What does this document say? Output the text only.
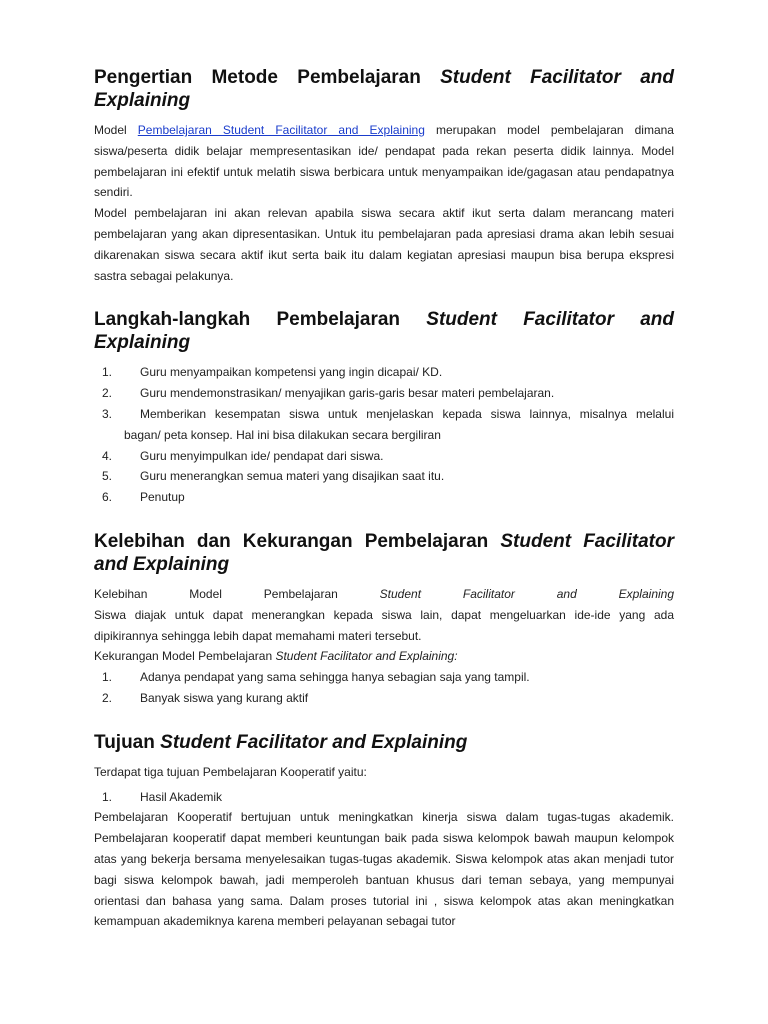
Pengertian Metode Pembelajaran Student Facilitator and Explaining

Model Pembelajaran Student Facilitator and Explaining merupakan model pembelajaran dimana siswa/peserta didik belajar mempresentasikan ide/ pendapat pada rekan peserta didik lainnya. Model pembelajaran ini efektif untuk melatih siswa berbicara untuk menyampaikan ide/gagasan atau pendapatnya sendiri.

Model pembelajaran ini akan relevan apabila siswa secara aktif ikut serta dalam merancang materi pembelajaran yang akan dipresentasikan. Untuk itu pembelajaran pada apresiasi drama akan lebih sesuai dikarenakan siswa secara aktif ikut serta baik itu dalam kegiatan apresiasi maupun bisa berupa ekspresi sastra sebagai pelakunya.

Langkah-langkah Pembelajaran Student Facilitator and Explaining
1. Guru menyampaikan kompetensi yang ingin dicapai/ KD.
2. Guru mendemonstrasikan/ menyajikan garis-garis besar materi pembelajaran.
3. Memberikan kesempatan siswa untuk menjelaskan kepada siswa lainnya, misalnya melalui
bagan/ peta konsep. Hal ini bisa dilakukan secara bergiliran
4. Guru menyimpulkan ide/ pendapat dari siswa.
5. Guru menerangkan semua materi yang disajikan saat itu.
6. Penutup
Kelebihan dan Kekurangan Pembelajaran Student Facilitator and Explaining

Kelebihan Model Pembelajaran Student Facilitator and Explaining

Siswa diajak untuk dapat menerangkan kepada siswa lain, dapat mengeluarkan ide-ide yang ada dipikirannya sehingga lebih dapat memahami materi tersebut.

Kekurangan Model Pembelajaran Student Facilitator and Explaining:

1. Adanya pendapat yang sama sehingga hanya sebagian saja yang tampil.
2. Banyak siswa yang kurang aktif
Tujuan Student Facilitator and Explaining

Terdapat tiga tujuan Pembelajaran Kooperatif yaitu:

1. Hasil Akademik

Pembelajaran Kooperatif bertujuan untuk meningkatkan kinerja siswa dalam tugas-tugas akademik. Pembelajaran kooperatif dapat memberi keuntungan baik pada siswa kelompok bawah maupun kelompok atas yang bekerja bersama menyelesaikan tugas-tugas akademik. Siswa kelompok atas akan menjadi tutor bagi siswa kelompok bawah, jadi memperoleh bantuan khusus dari teman sebaya, yang mempunyai orientasi dan bahasa yang sama. Dalam proses tutorial ini , siswa kelompok atas akan meningkatkan kemampuan akademiknya karena memberi pelayanan sebagai tutor
